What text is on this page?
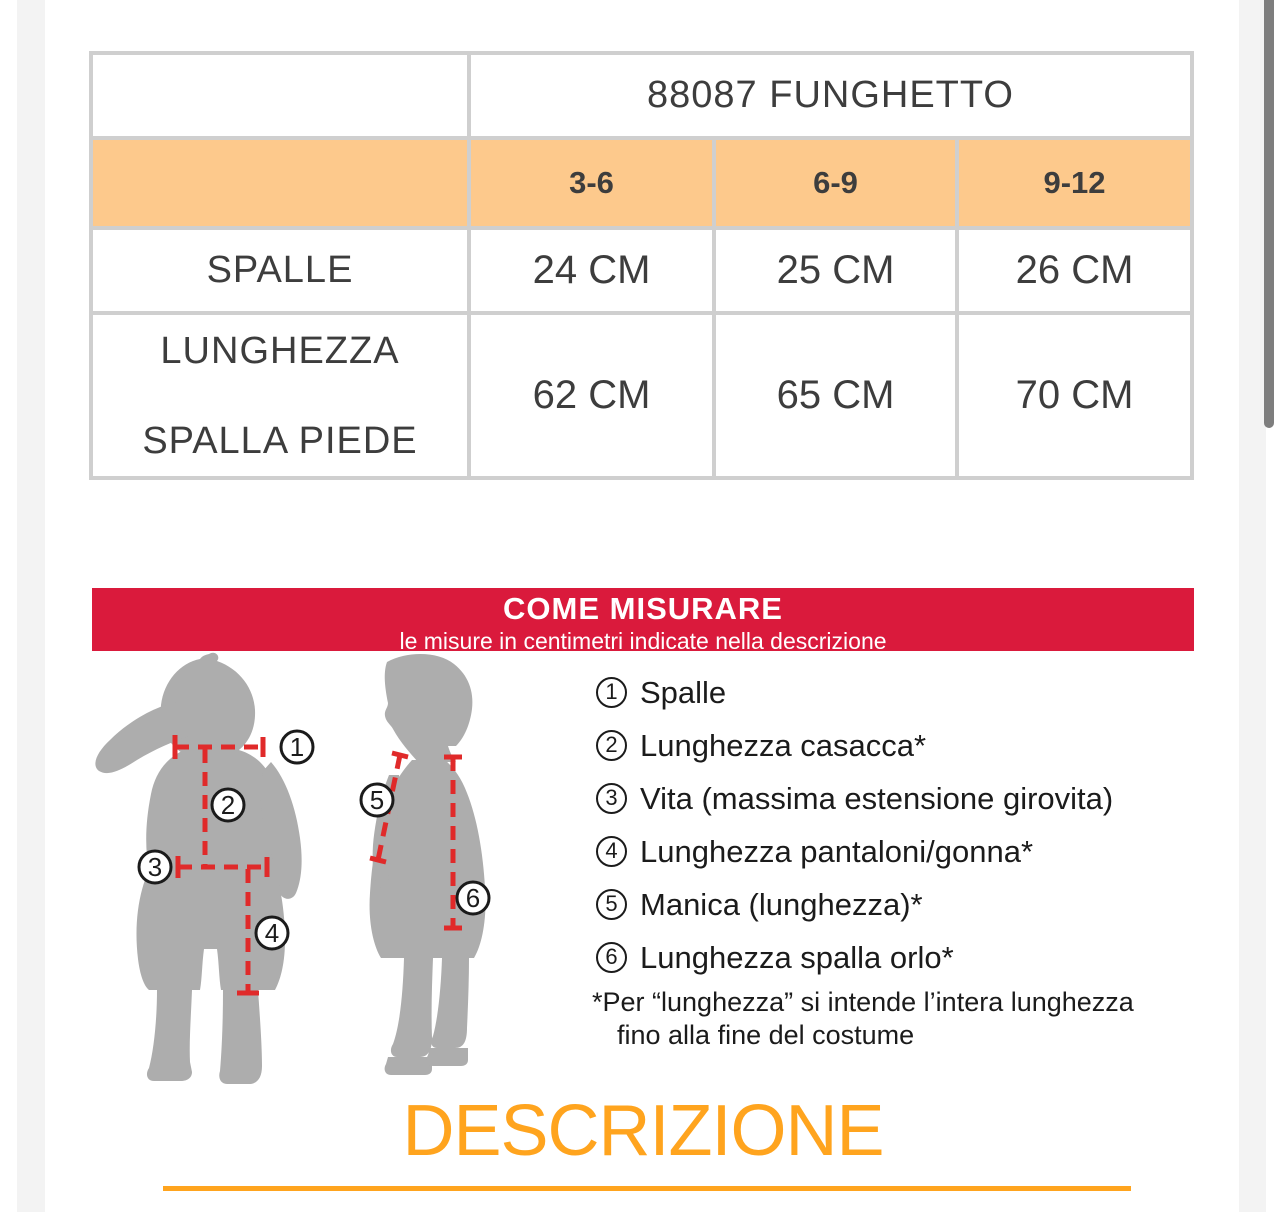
	88087 FUNGHETTO		
	3-6	6-9	9-12
SPALLE	24 CM	25 CM	26 CM

LUNGHEZZA
SPALLA PIEDE	62 CM	65 CM	70 CM
COME MISURARE
le misure in centimetri indicate nella descrizione
1
2
3
4
5
6
1 Spalle
2 Lunghezza casacca*
3 Vita (massima estensione girovita)
4 Lunghezza pantaloni/gonna*
5 Manica (lunghezza)*
6 Lunghezza spalla orlo*
*Per “lunghezza” si intende l’intera lunghezza
fino alla fine del costume
DESCRIZIONE
